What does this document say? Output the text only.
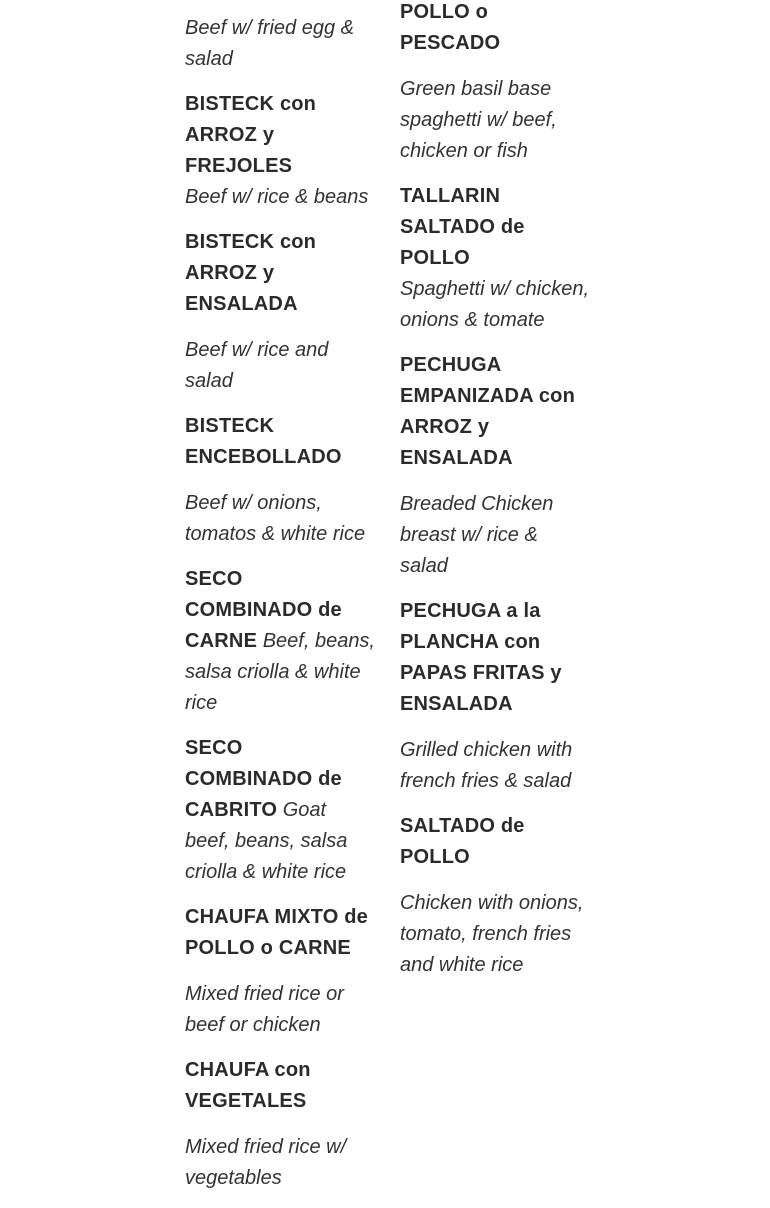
Beef w/ fried egg & salad
BISTECK con ARROZ y FREJOLES
Beef w/ rice & beans
BISTECK con ARROZ y ENSALADA
Beef w/ rice and salad
BISTECK ENCEBOLLADO
Beef w/ onions, tomatos & white rice
SECO COMBINADO de CARNE Beef, beans, salsa criolla & white rice
SECO COMBINADO de CABRITO Goat beef, beans, salsa criolla & white rice
CHAUFA MIXTO de POLLO o CARNE
Mixed fried rice or beef or chicken
CHAUFA con VEGETALES
Mixed fried rice w/ vegetables
POLLO o PESCADO
Green basil base spaghetti w/ beef, chicken or fish
TALLARIN SALTADO de POLLO
Spaghetti w/ chicken, onions & tomate
PECHUGA EMPANIZADA con ARROZ y ENSALADA
Breaded Chicken breast w/ rice & salad
PECHUGA a la PLANCHA con PAPAS FRITAS y ENSALADA
Grilled chicken with french fries & salad
SALTADO de POLLO
Chicken with onions, tomato, french fries and white rice
